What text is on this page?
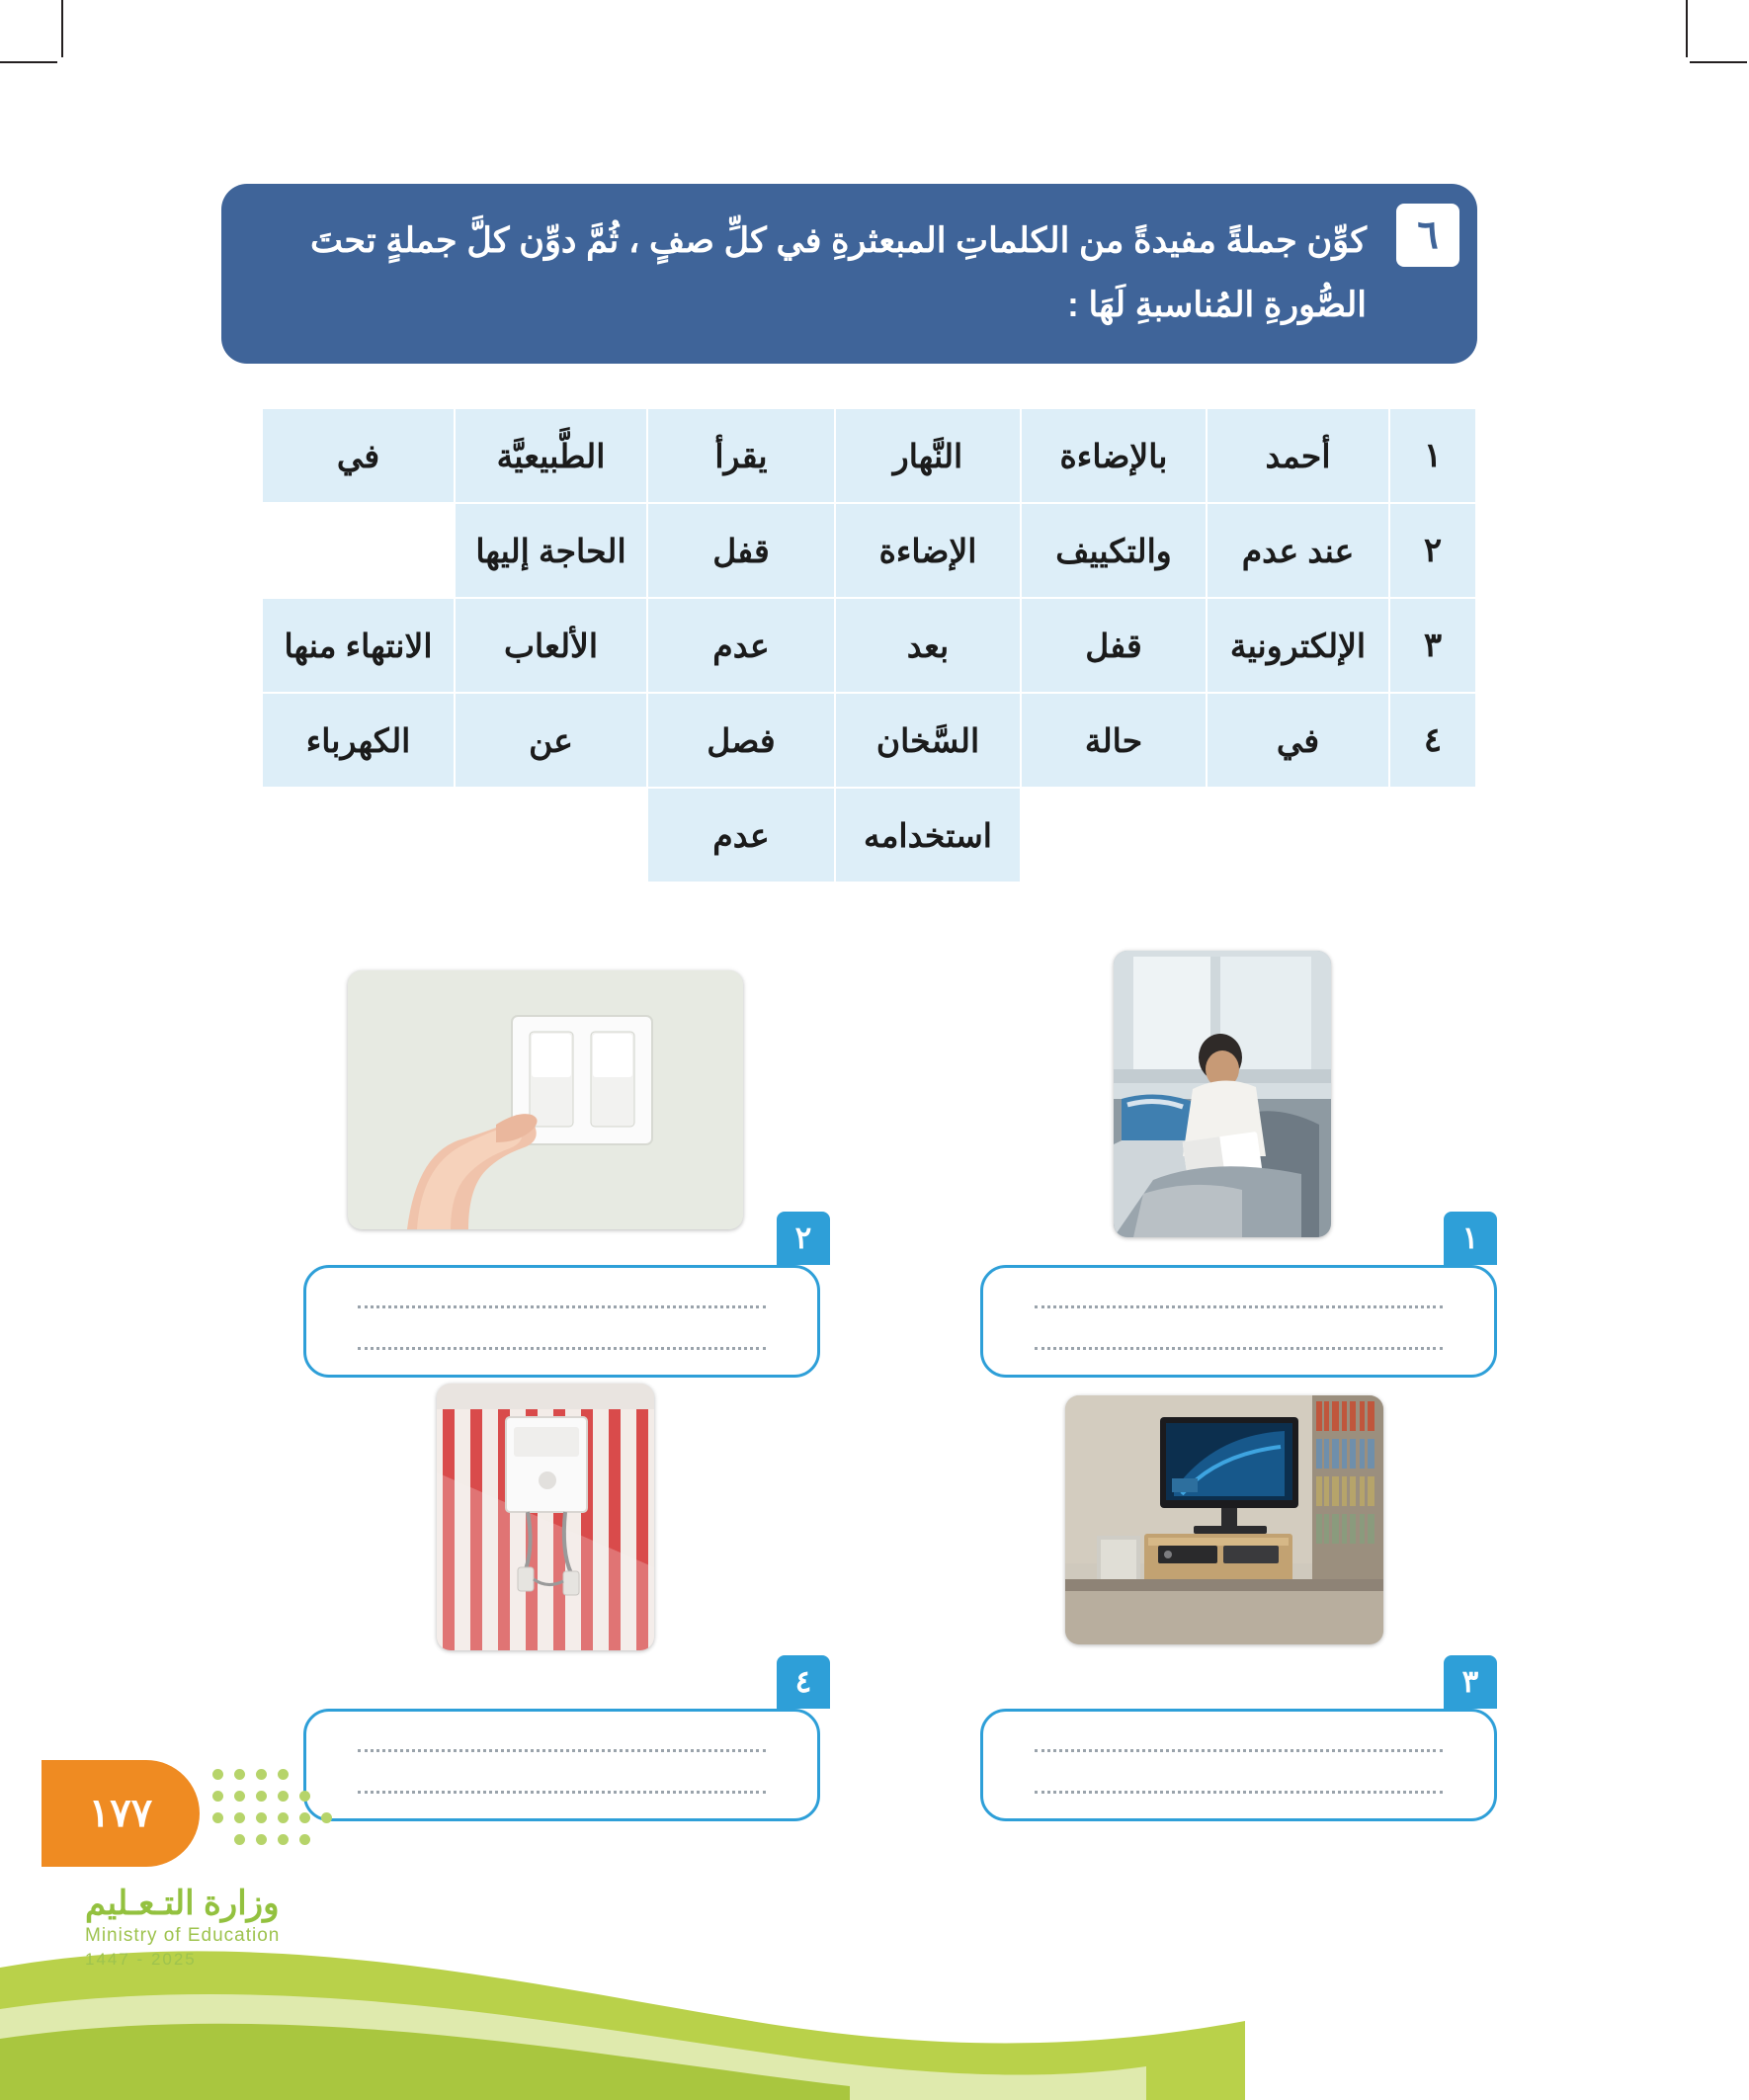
٦
كوِّن جملةً مفيدةً من الكلماتِ المبعثرةِ في كلِّ صفٍ ، ثُمَّ دوِّن كلَّ جملةٍ تحتَ الصُّورةِ المُناسبةِ لَهَا :
١	أحمد	بالإضاءة	النَّهار	يقرأ	الطَّبيعيَّة	في
٢	عند عدم	والتكييف	الإضاءة	قفل	الحاجة إليها	
٣	الإلكترونية	قفل	بعد	عدم	الألعاب	الانتهاء منها
٤	في	حالة	السَّخان	فصل	عن	الكهرباء
			استخدامه	عدم		
١
٢
٣
٤
١٧٧
وزارة التـعـليم
Ministry of Education
2025 - 1447
